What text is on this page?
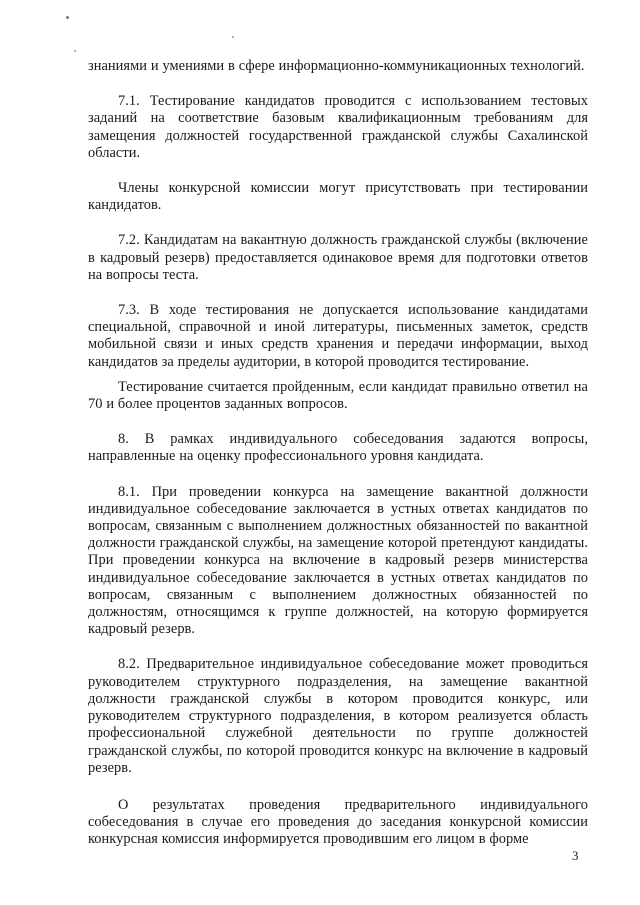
знаниями и умениями в сфере информационно-коммуникационных технологий.

7.1. Тестирование кандидатов проводится с использованием тестовых заданий на соответствие базовым квалификационным требованиям для замещения должностей государственной гражданской службы Сахалинской области.

Члены конкурсной комиссии могут присутствовать при тестировании кандидатов.

7.2. Кандидатам на вакантную должность гражданской службы (включение в кадровый резерв) предоставляется одинаковое время для подготовки ответов на вопросы теста.

7.3. В ходе тестирования не допускается использование кандидатами специальной, справочной и иной литературы, письменных заметок, средств мобильной связи и иных средств хранения и передачи информации, выход кандидатов за пределы аудитории, в которой проводится тестирование.

Тестирование считается пройденным, если кандидат правильно ответил на 70 и более процентов заданных вопросов.

8. В рамках индивидуального собеседования задаются вопросы, направленные на оценку профессионального уровня кандидата.

8.1. При проведении конкурса на замещение вакантной должности индивидуальное собеседование заключается в устных ответах кандидатов по вопросам, связанным с выполнением должностных обязанностей по вакантной должности гражданской службы, на замещение которой претендуют кандидаты. При проведении конкурса на включение в кадровый резерв министерства индивидуальное собеседование заключается в устных ответах кандидатов по вопросам, связанным с выполнением должностных обязанностей по должностям, относящимся к группе должностей, на которую формируется кадровый резерв.

8.2. Предварительное индивидуальное собеседование может проводиться руководителем структурного подразделения, на замещение вакантной должности гражданской службы в котором проводится конкурс, или руководителем структурного подразделения, в котором реализуется область профессиональной служебной деятельности по группе должностей гражданской службы, по которой проводится конкурс на включение в кадровый резерв.

О результатах проведения предварительного индивидуального собеседования в случае его проведения до заседания конкурсной комиссии конкурсная комиссия информируется проводившим его лицом в форме

3
